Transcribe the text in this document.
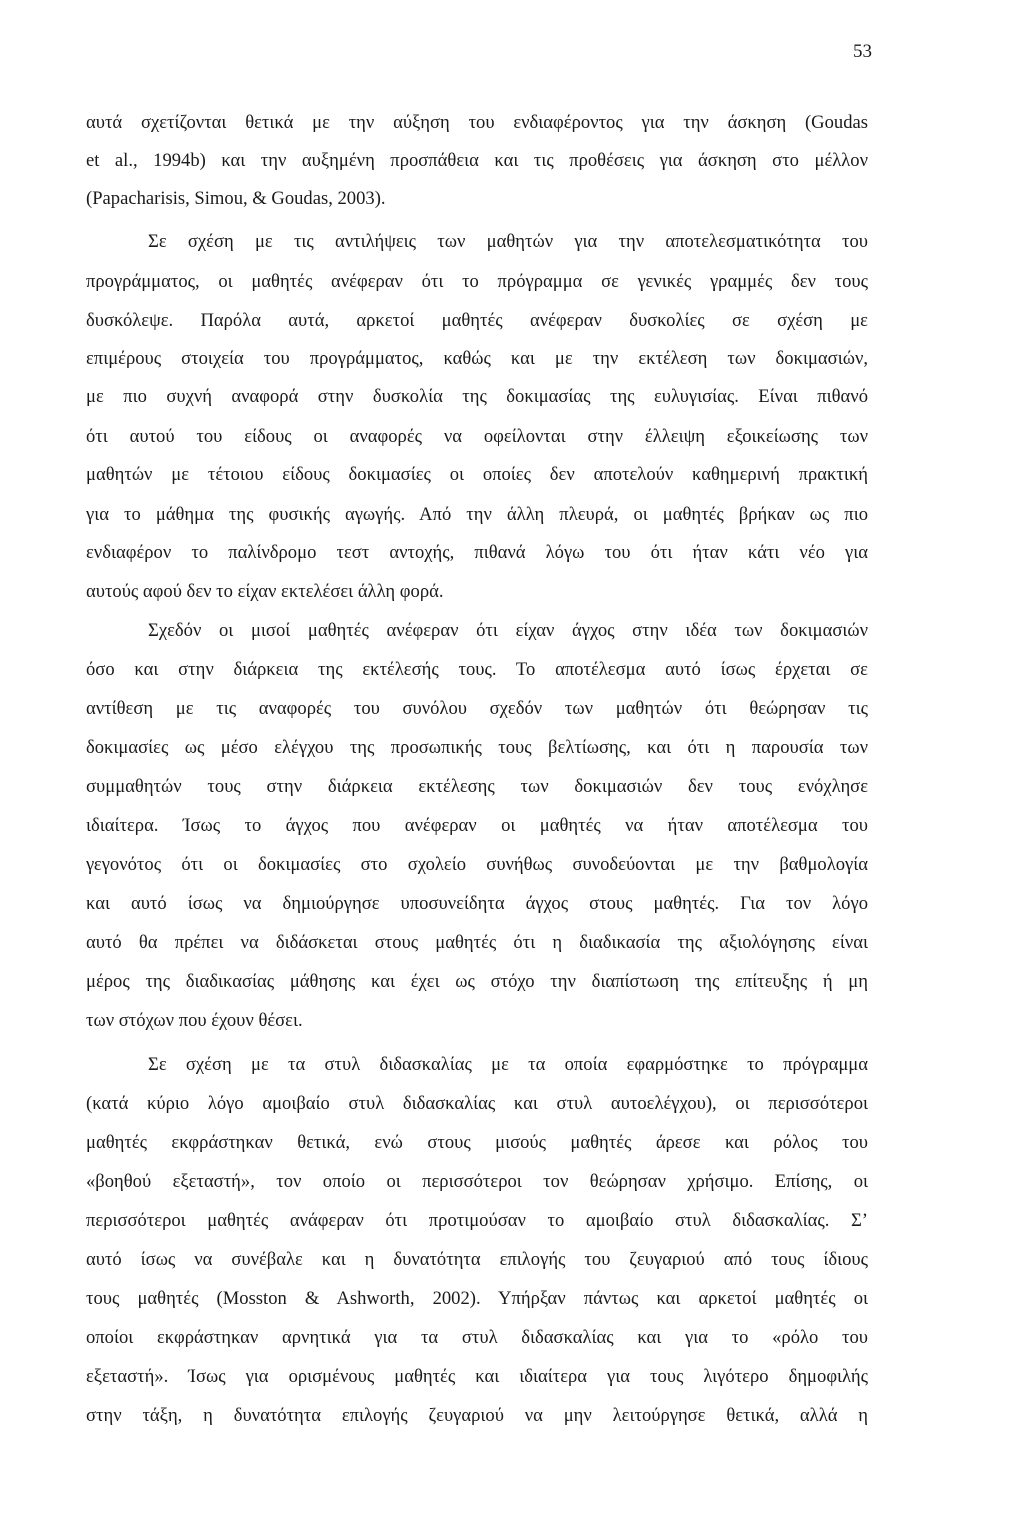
53
αυτά σχετίζονται θετικά με την αύξηση του ενδιαφέροντος για την άσκηση (Goudas
et al., 1994b) και την αυξημένη προσπάθεια και τις προθέσεις για άσκηση στο μέλλον
(Papacharisis, Simou, & Goudas, 2003).
Σε σχέση με τις αντιλήψεις των μαθητών για την αποτελεσματικότητα του
προγράμματος, οι μαθητές ανέφεραν ότι το πρόγραμμα σε γενικές γραμμές δεν τους
δυσκόλεψε. Παρόλα αυτά, αρκετοί μαθητές ανέφεραν δυσκολίες σε σχέση με
επιμέρους στοιχεία του προγράμματος, καθώς και με την εκτέλεση των δοκιμασιών,
με πιο συχνή αναφορά στην δυσκολία της δοκιμασίας της ευλυγισίας. Είναι πιθανό
ότι αυτού του είδους οι αναφορές να οφείλονται στην έλλειψη εξοικείωσης των
μαθητών με τέτοιου είδους δοκιμασίες οι οποίες δεν αποτελούν καθημερινή πρακτική
για το μάθημα της φυσικής αγωγής. Από την άλλη πλευρά, οι μαθητές βρήκαν ως πιο
ενδιαφέρον το παλίνδρομο τεστ αντοχής, πιθανά λόγω του ότι ήταν κάτι νέο για
αυτούς αφού δεν το είχαν εκτελέσει άλλη φορά.
Σχεδόν οι μισοί μαθητές ανέφεραν ότι είχαν άγχος στην ιδέα των δοκιμασιών
όσο και στην διάρκεια της εκτέλεσής τους. Το αποτέλεσμα αυτό ίσως έρχεται σε
αντίθεση με τις αναφορές του συνόλου σχεδόν των μαθητών ότι θεώρησαν τις
δοκιμασίες ως μέσο ελέγχου της προσωπικής τους βελτίωσης, και ότι η παρουσία των
συμμαθητών τους στην διάρκεια εκτέλεσης των δοκιμασιών δεν τους ενόχλησε
ιδιαίτερα. Ίσως το άγχος που ανέφεραν οι μαθητές να ήταν αποτέλεσμα του
γεγονότος ότι οι δοκιμασίες στο σχολείο συνήθως συνοδεύονται με την βαθμολογία
και αυτό ίσως να δημιούργησε υποσυνείδητα άγχος στους μαθητές. Για τον λόγο
αυτό θα πρέπει να διδάσκεται στους μαθητές ότι η διαδικασία της αξιολόγησης είναι
μέρος της διαδικασίας μάθησης και έχει ως στόχο την διαπίστωση της επίτευξης ή μη
των στόχων που έχουν θέσει.
Σε σχέση με τα στυλ διδασκαλίας με τα οποία εφαρμόστηκε το πρόγραμμα
(κατά κύριο λόγο αμοιβαίο στυλ διδασκαλίας και στυλ αυτοελέγχου), οι περισσότεροι
μαθητές εκφράστηκαν θετικά, ενώ στους μισούς μαθητές άρεσε και ρόλος του
«βοηθού εξεταστή», τον οποίο οι περισσότεροι τον θεώρησαν χρήσιμο. Επίσης, οι
περισσότεροι μαθητές ανάφεραν ότι προτιμούσαν το αμοιβαίο στυλ διδασκαλίας. Σ’
αυτό ίσως να συνέβαλε και η δυνατότητα επιλογής του ζευγαριού από τους ίδιους
τους μαθητές (Mosston & Ashworth, 2002). Υπήρξαν πάντως και αρκετοί μαθητές οι
οποίοι εκφράστηκαν αρνητικά για τα στυλ διδασκαλίας και για το «ρόλο του
εξεταστή». Ίσως για ορισμένους μαθητές και ιδιαίτερα για τους λιγότερο δημοφιλής
στην τάξη, η δυνατότητα επιλογής ζευγαριού να μην λειτούργησε θετικά, αλλά η
